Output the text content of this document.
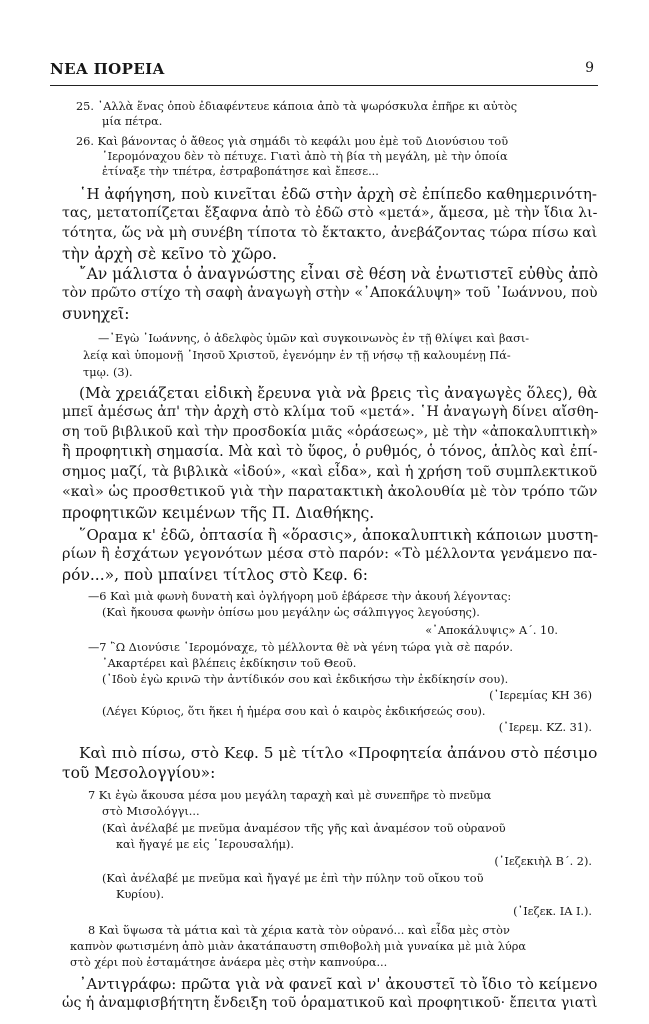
ΝΕΑ ΠΟΡΕΙΑ	9
25. ᾿Αλλὰ ἕνας ὁποὺ ἐδιαφέντευε κάποια ἀπὸ τὰ ψωρόσκυλα ἐπῆρε κι αὐτὸς
μία πέτρα.
26. Καὶ βάνοντας ὁ ἄθεος γιὰ σημάδι τὸ κεφάλι μου ἐμὲ τοῦ Διονύσιου τοῦ
῾Ιερομόναχου δὲν τὸ πέτυχε. Γιατὶ ἀπὸ τὴ βία τὴ μεγάλη, μὲ τὴν ὁποία
ἐτίναξε τὴν τπέτρα, ἐστραβοπάτησε καὶ ἔπεσε...
῾Η ἀφήγηση, ποὺ κινεῖται ἐδῶ στὴν ἀρχὴ σὲ ἐπίπεδο καθημερινότη-
τας, μετατοπίζεται ἔξαφνα ἀπὸ τὸ ἐδῶ στὸ «μετά», ἄμεσα, μὲ τὴν ἴδια λι-
τότητα, ὥς νὰ μὴ συνέβη τίποτα τὸ ἔκτακτο, ἀνεβάζοντας τώρα πίσω καὶ
τὴν ἀρχὴ σὲ κεῖνο τὸ χῶρο.
῎Αν μάλιστα ὁ ἀναγνώστης εἶναι σὲ θέση νὰ ἐνωτιστεῖ εὐθὺς ἀπὸ
τὸν πρῶτο στίχο τὴ σαφὴ ἀναγωγὴ στὴν «᾿Αποκάλυψη» τοῦ ᾿Ιωάννου, ποὺ
συνηχεῖ:
—᾿Εγὼ ᾿Ιωάννης, ὁ ἀδελφὸς ὑμῶν καὶ συγκοινωνὸς ἐν τῇ θλίψει καὶ βασι-
λείᾳ καὶ ὑπομονῇ ᾿Ιησοῦ Χριστοῦ, ἐγενόμην ἐν τῇ νήσῳ τῇ καλουμένῃ Πά-
τμῳ. (3).
(Μὰ χρειάζεται εἰδικὴ ἔρευνα γιὰ νὰ βρεις τὶς ἀναγωγὲς ὅλες), θὰ
μπεῖ ἀμέσως ἀπ' τὴν ἀρχὴ στὸ κλίμα τοῦ «μετά». ῾Η ἀναγωγὴ δίνει αἴσθη-
ση τοῦ βιβλικοῦ καὶ τὴν προσδοκία μιᾶς «ὁράσεως», μὲ τὴν «ἀποκαλυπτικὴ»
ἢ προφητικὴ σημασία. Μὰ καὶ τὸ ὕφος, ὁ ρυθμός, ὁ τόνος, ἁπλὸς καὶ ἐπί-
σημος μαζί, τὰ βιβλικὰ «ἰδού», «καὶ εἶδα», καὶ ἡ χρήση τοῦ συμπλεκτικοῦ
«καὶ» ὡς προσθετικοῦ γιὰ τὴν παρατακτικὴ ἀκολουθία μὲ τὸν τρόπο τῶν
προφητικῶν κειμένων τῆς Π. Διαθήκης.
῞Οραμα κ' ἐδῶ, ὀπτασία ἢ «ὅρασις», ἀποκαλυπτικὴ κάποιων μυστη-
ρίων ἢ ἐσχάτων γεγονότων μέσα στὸ παρόν: «Τὸ μέλλοντα γενάμενο πα-
ρόν...», ποὺ μπαίνει τίτλος στὸ Κεφ. 6:
—6 Καὶ μιὰ φωνὴ δυνατὴ καὶ ὀγλήγορη μοῦ ἐβάρεσε τὴν ἀκουή λέγοντας:
(Καὶ ἤκουσα φωνὴν ὀπίσω μου μεγάλην ὡς σάλπιγγος λεγούσης).
«᾿Αποκάλυψις» Α΄. 10.
—7 ῍Ω Διονύσιε ῾Ιερομόναχε, τὸ μέλλοντα θὲ νὰ γένη τώρα γιὰ σὲ παρόν.
᾿Ακαρτέρει καὶ βλέπεις ἐκδίκησιν τοῦ Θεοῦ.
(᾿Ιδοὺ ἐγὼ κρινῶ τὴν ἀντίδικόν σου καὶ ἐκδικήσω τὴν ἐκδίκησίν σου).
(᾿Ιερεμίας ΚΗ 36)
(Λέγει Κύριος, ὅτι ἥκει ἡ ἡμέρα σου καὶ ὁ καιρὸς ἐκδικήσεώς σου).
(᾿Ιερεμ. ΚΖ. 31).
Καὶ πιὸ πίσω, στὸ Κεφ. 5 μὲ τίτλο «Προφητεία ἀπάνου στὸ πέσιμο
τοῦ Μεσολογγίου»:
7 Κι ἐγὼ ἄκουσα μέσα μου μεγάλη ταραχὴ καὶ μὲ συνεπῆρε τὸ πνεῦμα
στὸ Μισολόγγι...
(Καὶ ἀνέλαβέ με πνεῦμα ἀναμέσον τῆς γῆς καὶ ἀναμέσον τοῦ οὐρανοῦ
καὶ ἤγαγέ με εἰς ῾Ιερουσαλήμ).
(᾿Ιεζεκιὴλ Β΄. 2).
(Καὶ ἀνέλαβέ με πνεῦμα καὶ ἤγαγέ με ἐπὶ τὴν πύλην τοῦ οἴκου τοῦ
Κυρίου).
(᾿Ιεζεκ. ΙΑ Ι.).
8 Καὶ ὕψωσα τὰ μάτια καὶ τὰ χέρια κατὰ τὸν οὐρανό... καὶ εἶδα μὲς στὸν
καπνὸν φωτισμένη ἀπὸ μιὰν ἀκατάπαυστη σπιθοβολὴ μιὰ γυναίκα μὲ μιὰ λύρα
στὸ χέρι ποὺ ἐσταμάτησε ἀνάερα μὲς στὴν καπνούρα...
᾿Αντιγράφω: πρῶτα γιὰ νὰ φανεῖ καὶ ν' ἀκουστεῖ τὸ ἴδιο τὸ κείμενο
ὡς ἡ ἀναμφισβήτητη ἔνδειξη τοῦ ὁραματικοῦ καὶ προφητικοῦ· ἔπειτα γιατὶ
